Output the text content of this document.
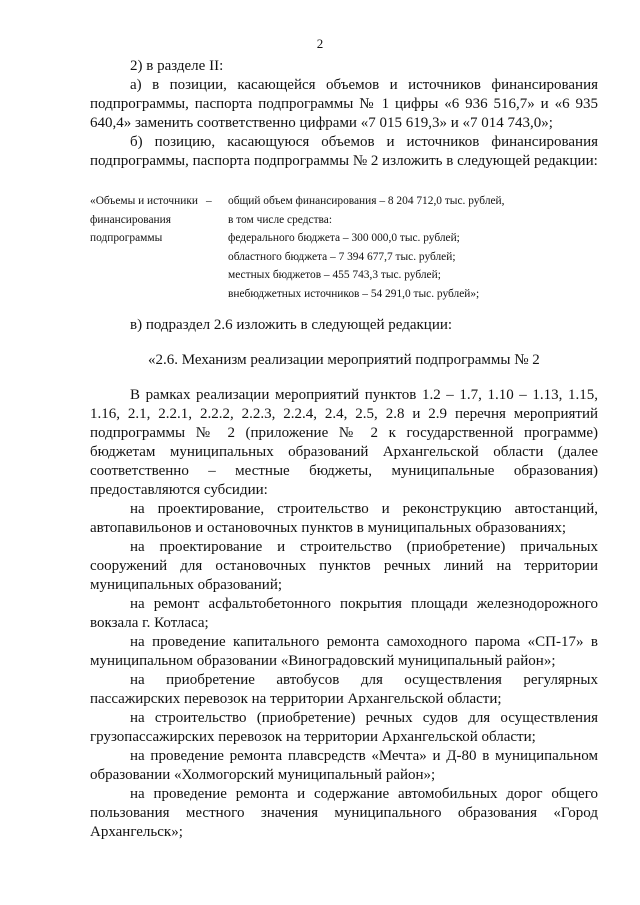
2

2) в разделе II:

а) в позиции, касающейся объемов и источников финансирования подпрограммы, паспорта подпрограммы № 1 цифры «6 936 516,7» и «6 935 640,4» заменить соответственно цифрами «7 015 619,3» и «7 014 743,0»;

б) позицию, касающуюся объемов и источников финансирования подпрограммы, паспорта подпрограммы № 2 изложить в следующей редакции:

«Объемы и источники финансирования подпрограммы

–	общий объем финансирования – 8 204 712,0 тыс. рублей,
в том числе средства:
федерального бюджета – 300 000,0 тыс. рублей;
областного бюджета – 7 394 677,7 тыс. рублей;
местных бюджетов – 455 743,3 тыс. рублей;
внебюджетных источников – 54 291,0 тыс. рублей»;

в) подраздел 2.6 изложить в следующей редакции:

«2.6. Механизм реализации мероприятий подпрограммы № 2

В рамках реализации мероприятий пунктов 1.2 – 1.7, 1.10 – 1.13, 1.15, 1.16, 2.1, 2.2.1, 2.2.2, 2.2.3, 2.2.4, 2.4, 2.5, 2.8 и 2.9 перечня мероприятий подпрограммы № 2 (приложение № 2 к государственной программе) бюджетам муниципальных образований Архангельской области (далее соответственно – местные бюджеты, муниципальные образования) предоставляются субсидии:

на проектирование, строительство и реконструкцию автостанций, автопавильонов и остановочных пунктов в муниципальных образованиях;

на проектирование и строительство (приобретение) причальных сооружений для остановочных пунктов речных линий на территории муниципальных образований;

на ремонт асфальтобетонного покрытия площади железнодорожного вокзала г. Котласа;

на проведение капитального ремонта самоходного парома «СП-17» в муниципальном образовании «Виноградовский муниципальный район»;

на приобретение автобусов для осуществления регулярных пассажирских перевозок на территории Архангельской области;

на строительство (приобретение) речных судов для осуществления грузопассажирских перевозок на территории Архангельской области;

на проведение ремонта плавсредств «Мечта» и Д-80 в муниципальном образовании «Холмогорский муниципальный район»;

на проведение ремонта и содержание автомобильных дорог общего пользования местного значения муниципального образования «Город Архангельск»;
